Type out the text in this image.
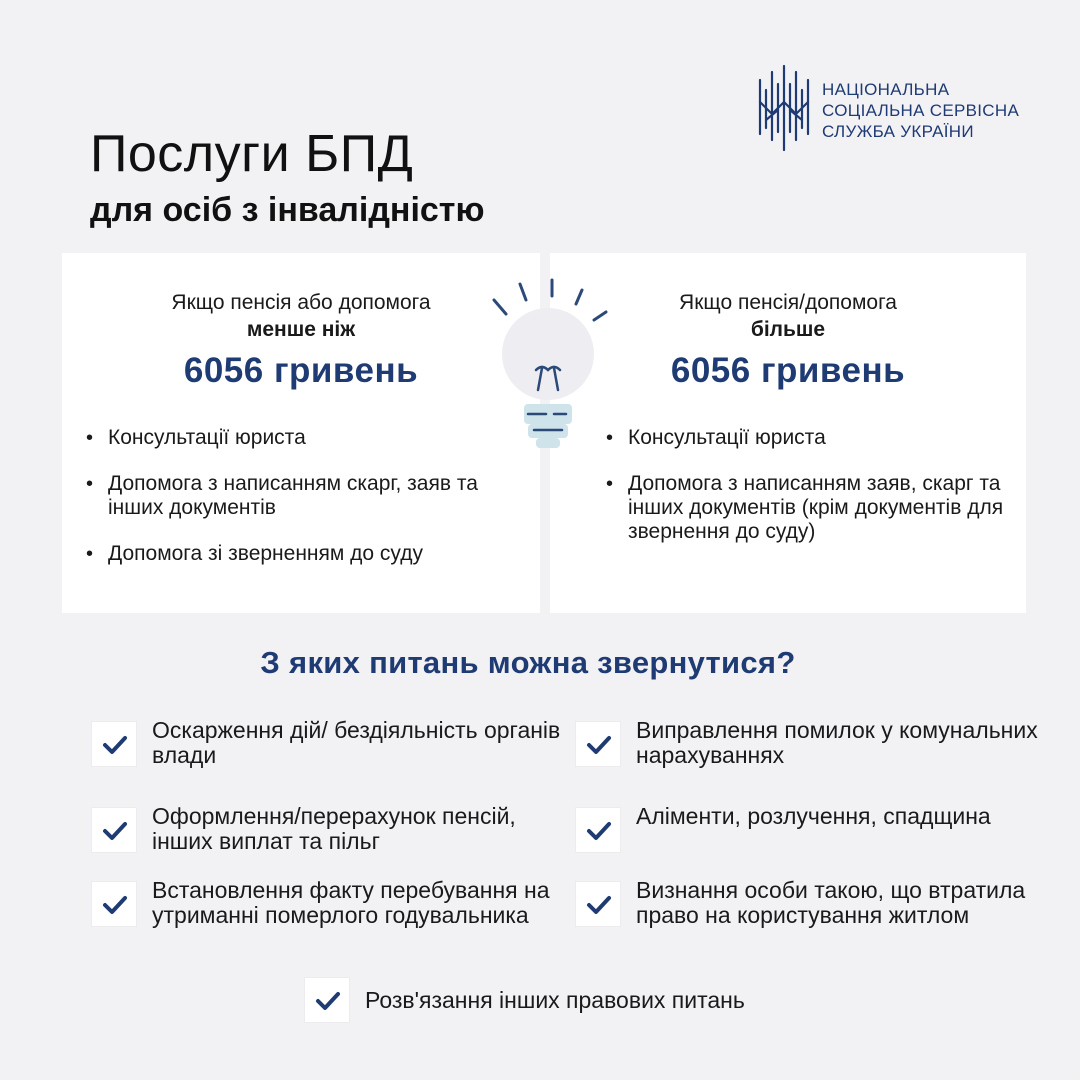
НАЦІОНАЛЬНА
СОЦІАЛЬНА СЕРВІСНА
СЛУЖБА УКРАЇНИ
Послуги БПД
для осіб з інвалідністю
Якщо пенсія або допомога
менше ніж
6056 гривень
• Консультації юриста
• Допомога з написанням скарг, заяв та інших документів
• Допомога зі зверненням до суду
Якщо пенсія/допомога
більше
6056 гривень
• Консультації юриста
• Допомога з написанням заяв, скарг та інших документів (крім документів для звернення до суду)
З яких питань можна звернутися?
Оскарження дій/ бездіяльність органів влади
Виправлення помилок у комунальних нарахуваннях
Оформлення/перерахунок пенсій, інших виплат та пільг
Аліменти, розлучення, спадщина
Встановлення факту перебування на утриманні померлого годувальника
Визнання особи такою, що втратила право на користування житлом
Розв'язання інших правових питань
